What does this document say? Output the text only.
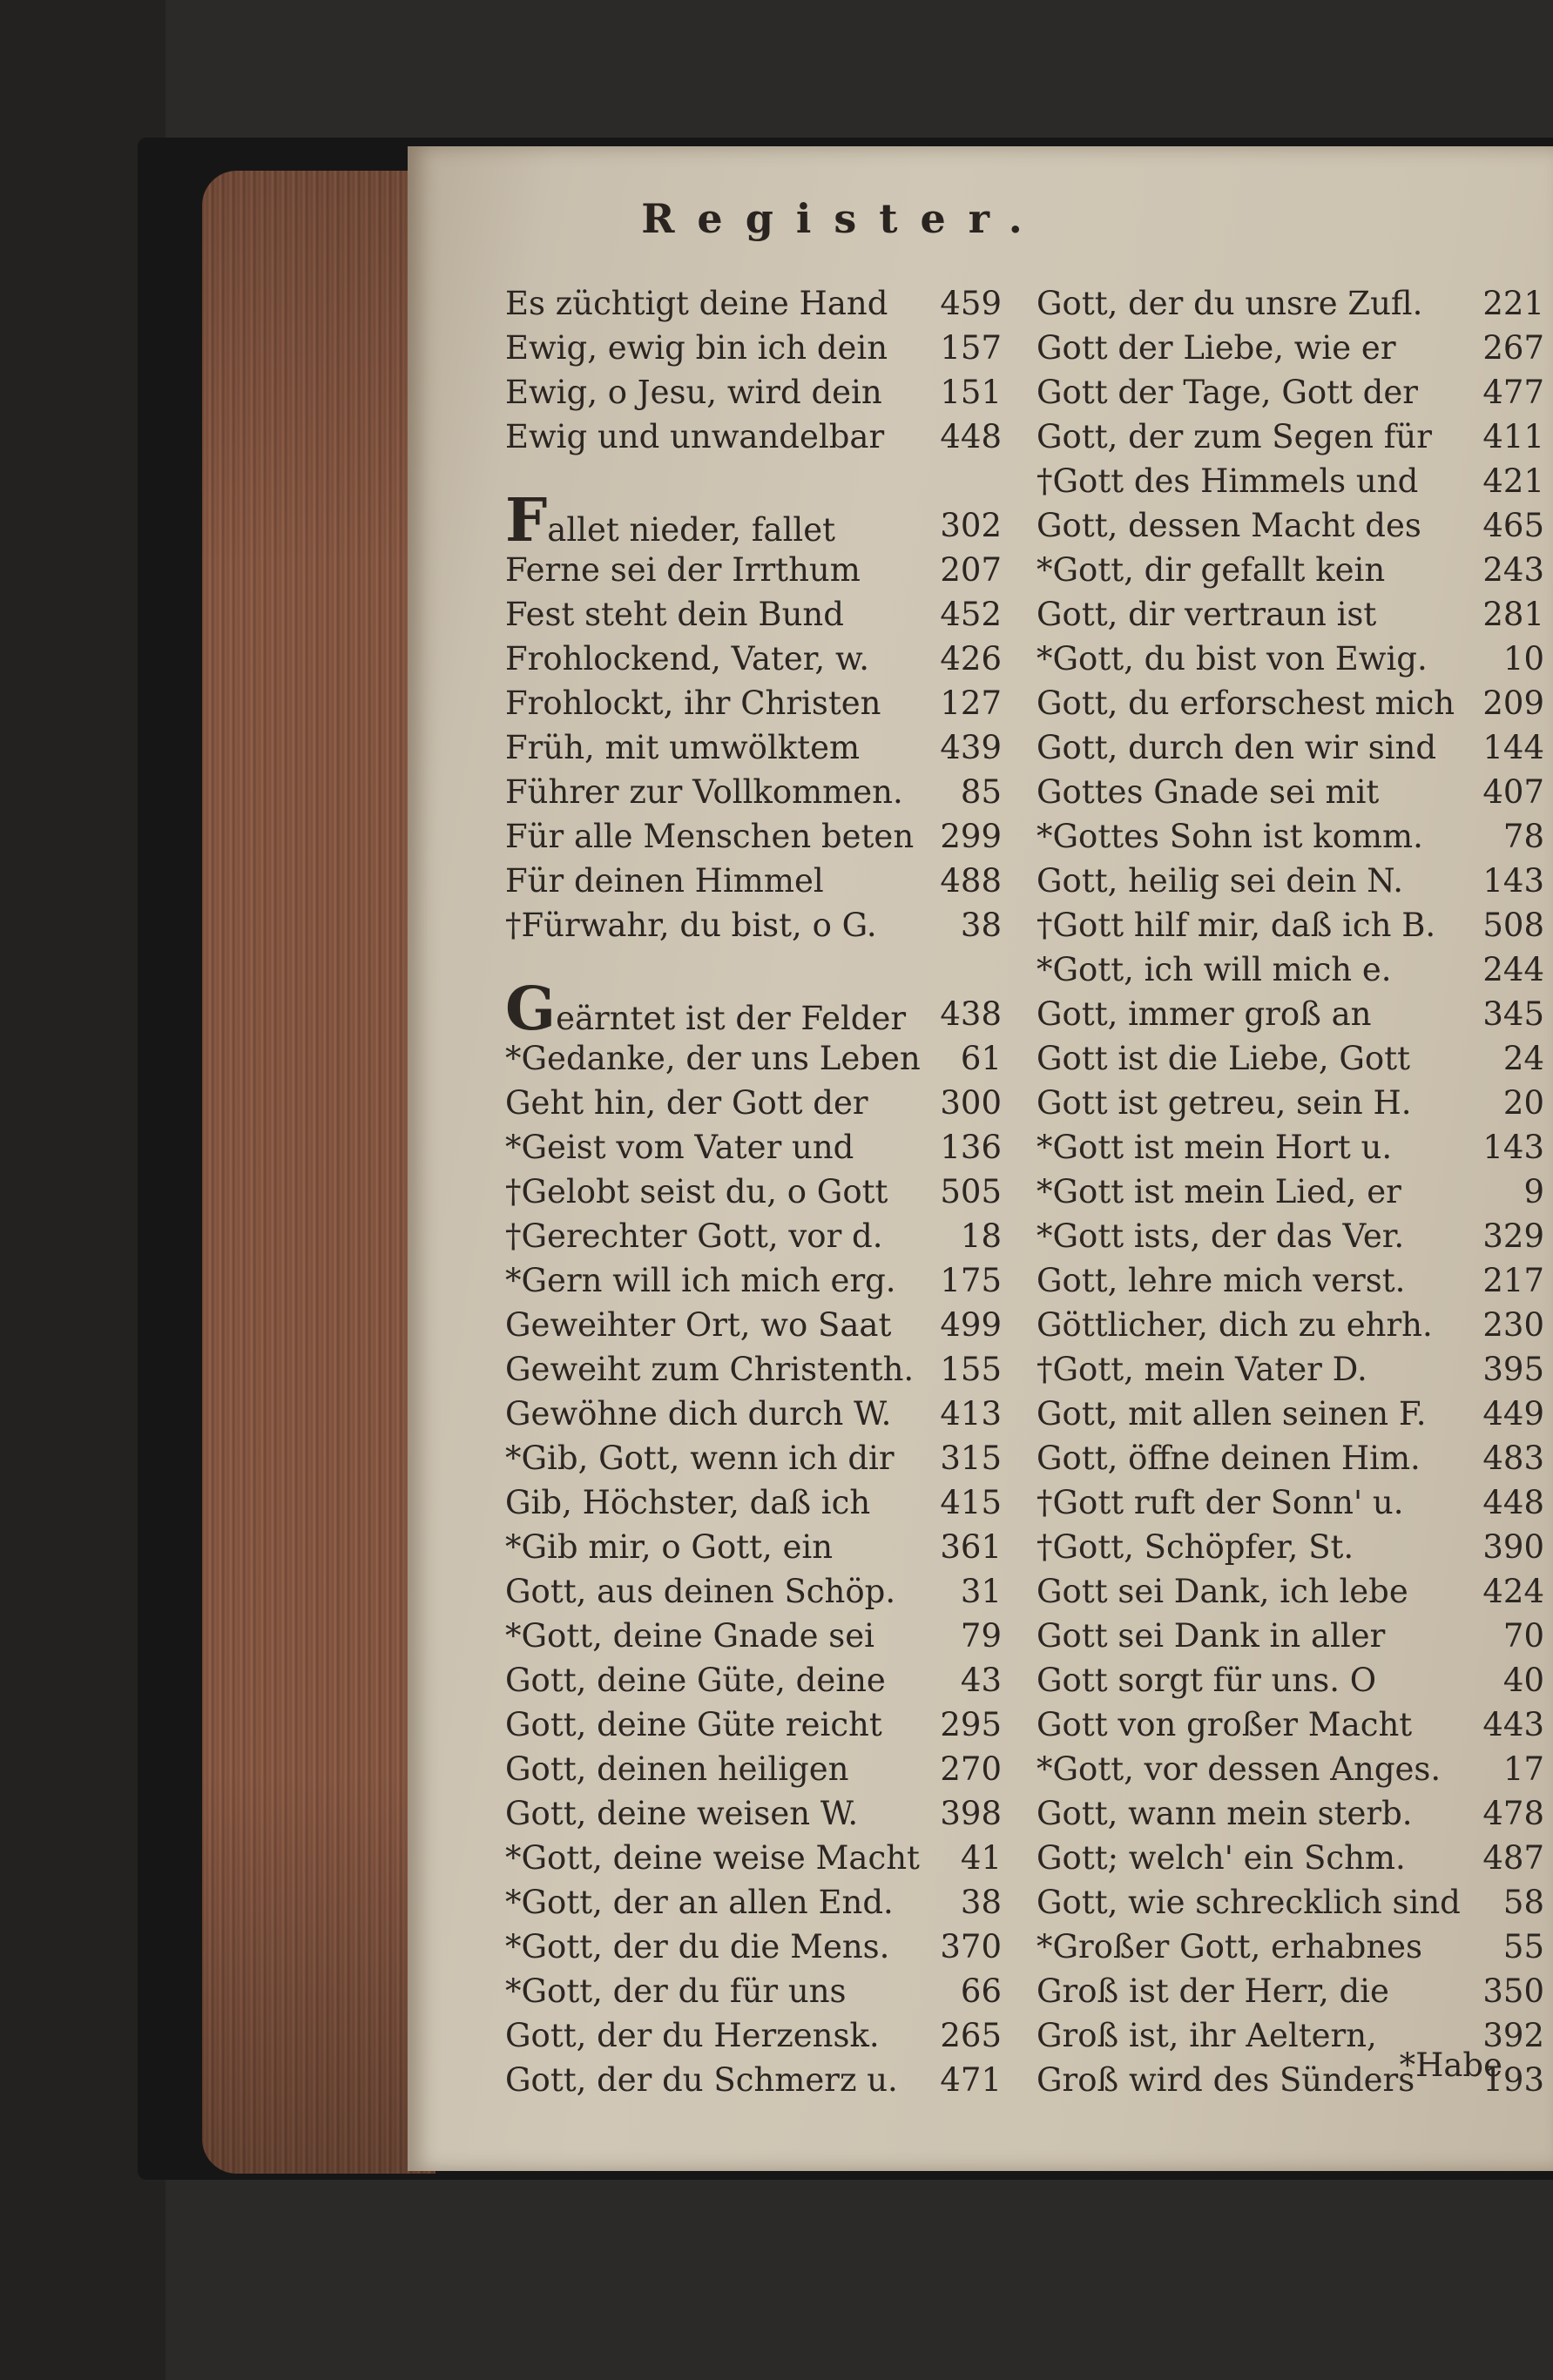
Register.
Es züchtigt deine Hand 459
Ewig, ewig bin ich dein 157
Ewig, o Jesu, wird dein 151
Ewig und unwandelbar 448
Fallet nieder, fallet	302
Ferne sei der Irrthum 207
Fest steht dein Bund	452
Frohlockend, Vater, w. 426
Frohlockt, ihr Christen 127
Früh, mit umwölktem 439
Führer zur Vollkommen. 85
Für alle Menschen beten 299
Für deinen Himmel	488
†Fürwahr, du bist, o G.	38
Geärntet ist der Felder 438
*Gedanke, der uns Leben 61
Geht hin, der Gott der 300
*Geist vom Vater und	136
†Gelobt seist du, o Gott 505
†Gerechter Gott, vor d. 18
*Gern will ich mich erg. 175
Geweihter Ort, wo Saat 499
Geweiht zum Christenth. 155
Gewöhne dich durch W. 413
*Gib, Gott, wenn ich dir 315
Gib, Höchster, daß ich 415
*Gib mir, o Gott, ein	361
Gott, aus deinen Schöp. 31
*Gott, deine Gnade sei	79
Gott, deine Güte, deine 43
Gott, deine Güte reicht 295
Gott, deinen heiligen	270
Gott, deine weisen W.	398
*Gott, deine weise Macht 41
*Gott, der an allen End. 38
*Gott, der du die Mens. 370
*Gott, der du für uns	66
Gott, der du Herzensk. 265
Gott, der du Schmerz u. 471
Gott, der du unsre Zufl. 221
Gott der Liebe, wie er	267
Gott der Tage, Gott der 477
Gott, der zum Segen für 411
†Gott des Himmels und 421
Gott, dessen Macht des 465
*Gott, dir gefallt kein	243
Gott, dir vertraun ist	281
*Gott, du bist von Ewig. 10
Gott, du erforschest mich 209
Gott, durch den wir sind 144
Gottes Gnade sei mit	407
*Gottes Sohn ist komm. 78
Gott, heilig sei dein N. 143
†Gott hilf mir, daß ich B. 508
*Gott, ich will mich e.	244
Gott, immer groß an	345
Gott ist die Liebe, Gott	24
Gott ist getreu, sein H.	20
*Gott ist mein Hort u.	143
*Gott ist mein Lied, er	9
*Gott ists, der das Ver. 329
Gott, lehre mich verst. 217
Göttlicher, dich zu ehrh. 230
†Gott, mein Vater D.	395
Gott, mit allen seinen F. 449
Gott, öffne deinen Him. 483
†Gott ruft der Sonn' u. 448
†Gott, Schöpfer, St.	390
Gott sei Dank, ich lebe 424
Gott sei Dank in aller	70
Gott sorgt für uns. O	40
Gott von großer Macht 443
*Gott, vor dessen Anges. 17
Gott, wann mein sterb. 478
Gott; welch' ein Schm. 487
Gott, wie schrecklich sind 58
*Großer Gott, erhabnes	55
Groß ist der Herr, die	350
Groß ist, ihr Aeltern,	392
Groß wird des Sünders 193
*Habe
